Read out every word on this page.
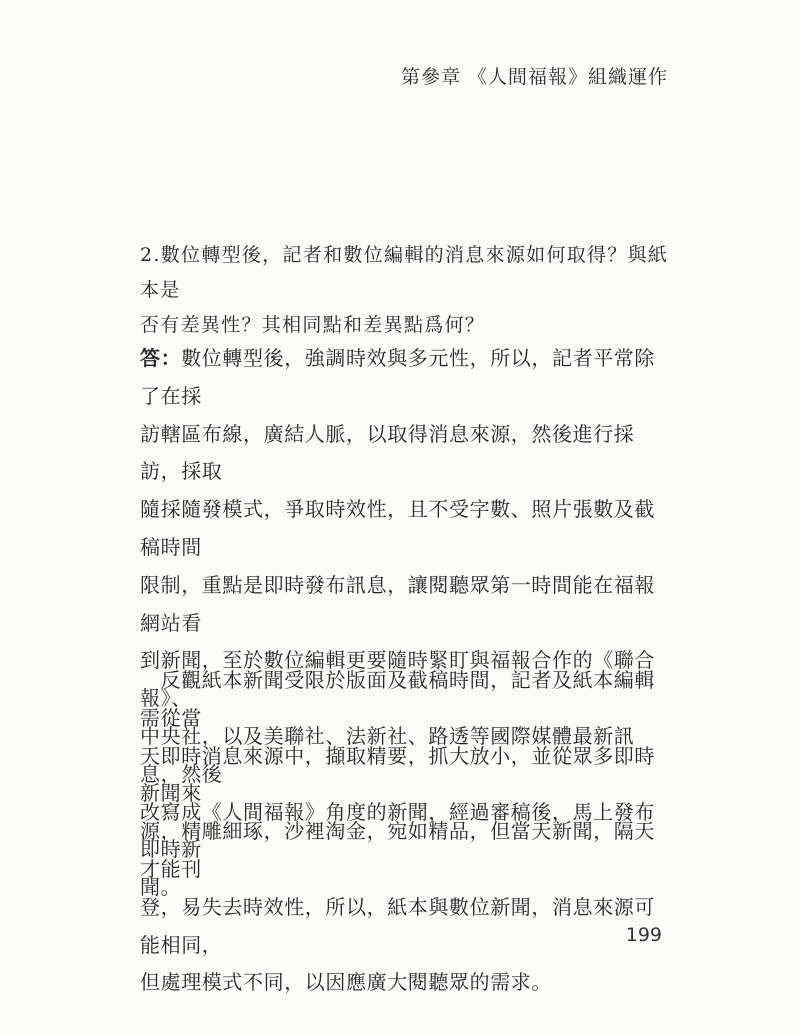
第參章 《人間福報》組織運作

2.數位轉型後，記者和數位編輯的消息來源如何取得？與紙本是

否有差異性？其相同點和差異點爲何？

答：數位轉型後，強調時效與多元性，所以，記者平常除了在採

訪轄區布線，廣結人脈，以取得消息來源，然後進行採訪，採取

隨採隨發模式，爭取時效性，且不受字數、照片張數及截稿時間

限制，重點是即時發布訊息，讓閱聽眾第一時間能在福報網站看

到新聞，至於數位編輯更要隨時緊盯與福報合作的《聯合報》、

中央社，以及美聯社、法新社、路透等國際媒體最新訊息，然後

改寫成《人間福報》角度的新聞，經過審稿後，馬上發布即時新

聞。

　反觀紙本新聞受限於版面及截稿時間，記者及紙本編輯需從當

天即時消息來源中，擷取精要，抓大放小，並從眾多即時新聞來

源，精雕細琢，沙裡淘金，宛如精品，但當天新聞，隔天才能刊

登，易失去時效性，所以，紙本與數位新聞，消息來源可能相同，

但處理模式不同，以因應廣大閱聽眾的需求。

199
